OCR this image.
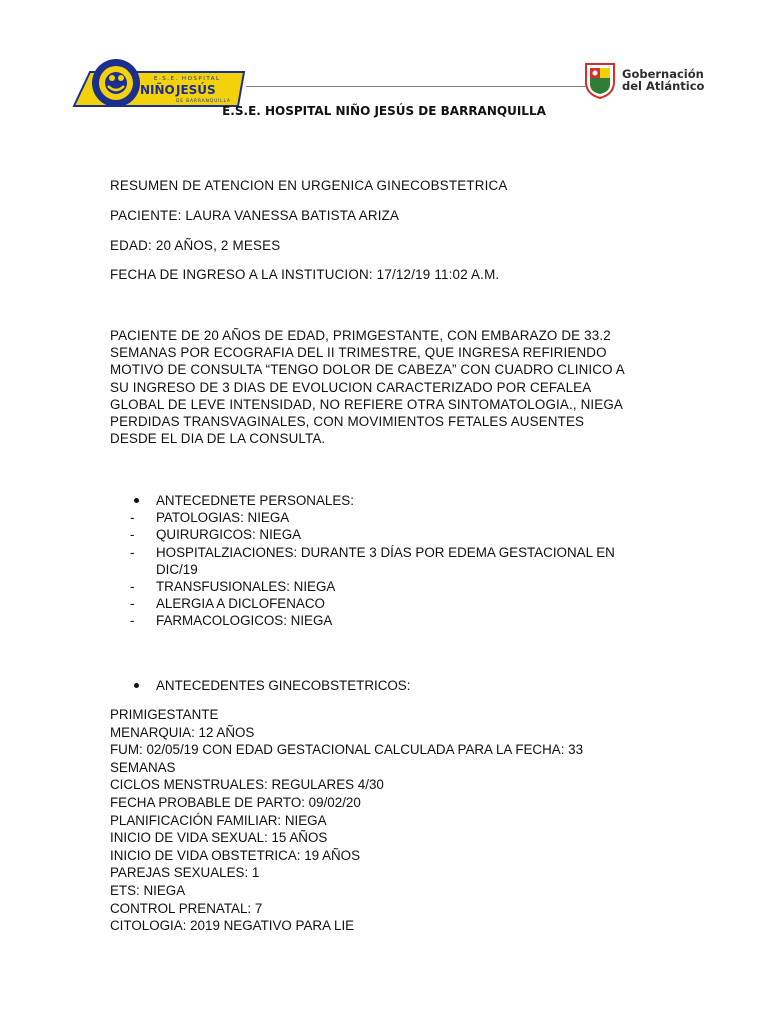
E.S.E. HOSPITAL
NIÑO JESÚS
DE BARRANQUILLA
Gobernación
del Atlántico
E.S.E. HOSPITAL NIÑO JESÚS DE BARRANQUILLA
RESUMEN DE ATENCION EN URGENICA GINECOBSTETRICA
PACIENTE: LAURA VANESSA BATISTA ARIZA
EDAD: 20 AÑOS, 2 MESES
FECHA DE INGRESO A LA INSTITUCION: 17/12/19 11:02 A.M.
PACIENTE DE 20 AÑOS DE EDAD, PRIMGESTANTE, CON EMBARAZO DE 33.2
SEMANAS POR ECOGRAFIA DEL II TRIMESTRE, QUE INGRESA REFIRIENDO
MOTIVO DE CONSULTA “TENGO DOLOR DE CABEZA” CON CUADRO CLINICO A
SU INGRESO DE 3 DIAS DE EVOLUCION CARACTERIZADO POR CEFALEA
GLOBAL DE LEVE INTENSIDAD, NO REFIERE OTRA SINTOMATOLOGIA., NIEGA
PERDIDAS TRANSVAGINALES, CON MOVIMIENTOS FETALES AUSENTES
DESDE EL DIA DE LA CONSULTA.
ANTECEDNETE PERSONALES:
-	PATOLOGIAS: NIEGA
-	QUIRURGICOS: NIEGA
-	HOSPITALZIACIONES: DURANTE 3 DÍAS POR EDEMA GESTACIONAL EN
DIC/19
-	TRANSFUSIONALES: NIEGA
-	ALERGIA A DICLOFENACO
-	FARMACOLOGICOS: NIEGA
ANTECEDENTES GINECOBSTETRICOS:
PRIMIGESTANTE
MENARQUIA: 12 AÑOS
FUM: 02/05/19 CON EDAD GESTACIONAL CALCULADA PARA LA FECHA: 33
SEMANAS
CICLOS MENSTRUALES: REGULARES 4/30
FECHA PROBABLE DE PARTO: 09/02/20
PLANIFICACIÓN FAMILIAR: NIEGA
INICIO DE VIDA SEXUAL: 15 AÑOS
INICIO DE VIDA OBSTETRICA: 19 AÑOS
PAREJAS SEXUALES: 1
ETS: NIEGA
CONTROL PRENATAL: 7
CITOLOGIA: 2019 NEGATIVO PARA LIE
